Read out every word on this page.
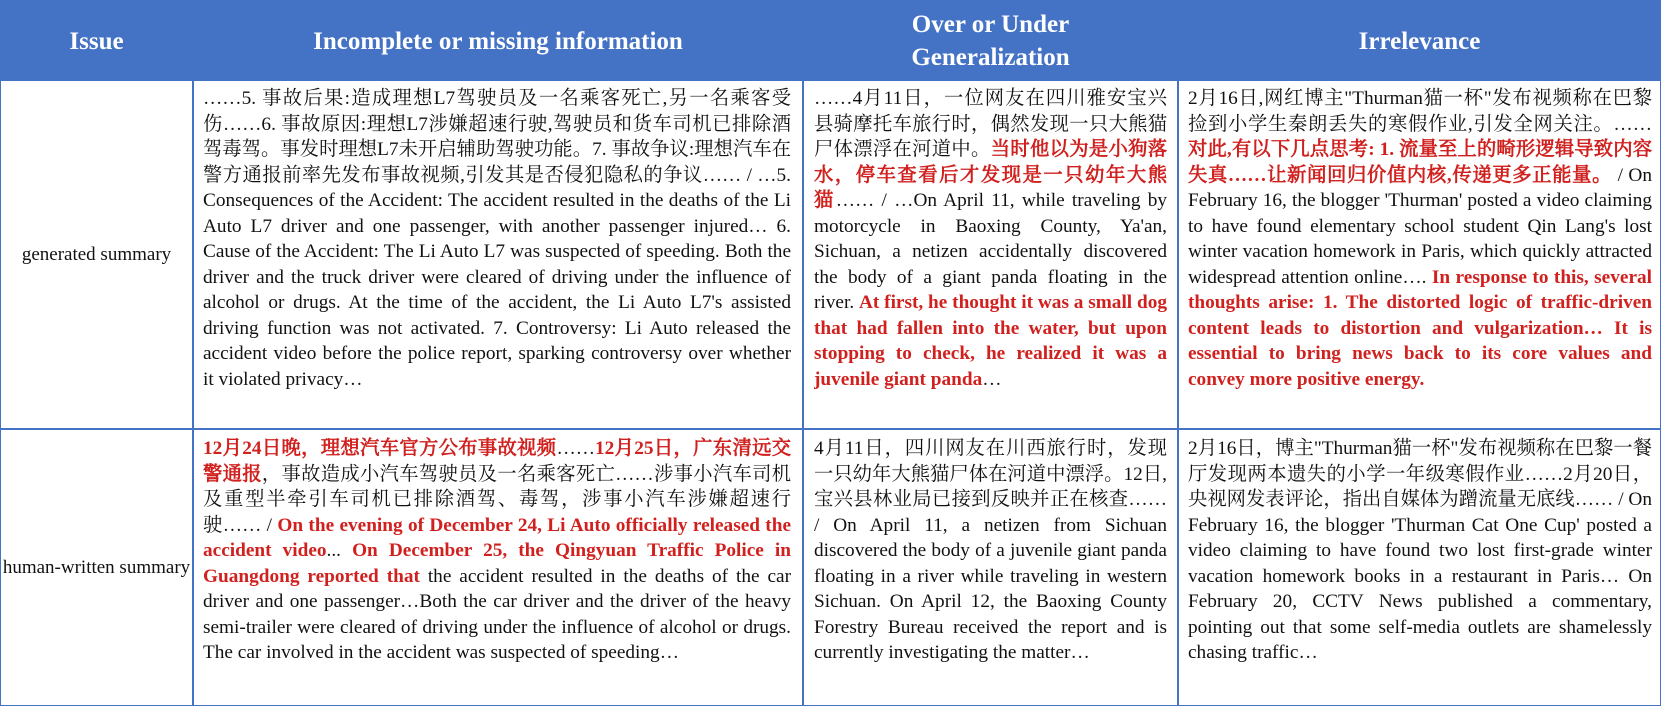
Issue	Incomplete or missing information
Over or Under Generalization
Irrelevance
generated summary
……5. 事故后果:造成理想L7驾驶员及一名乘客死亡,另一名乘客受伤……6. 事故原因:理想L7涉嫌超速行驶,驾驶员和货车司机已排除酒驾毒驾。事发时理想L7未开启辅助驾驶功能。7. 事故争议:理想汽车在警方通报前率先发布事故视频,引发其是否侵犯隐私的争议…… / …5. Consequences of the Accident: The accident resulted in the deaths of the Li Auto L7 driver and one passenger, with another passenger injured… 6. Cause of the Accident: The Li Auto L7 was suspected of speeding. Both the driver and the truck driver were cleared of driving under the influence of alcohol or drugs. At the time of the accident, the Li Auto L7's assisted driving function was not activated. 7. Controversy: Li Auto released the accident video before the police report, sparking controversy over whether it violated privacy…
……4月11日，一位网友在四川雅安宝兴县骑摩托车旅行时，偶然发现一只大熊猫尸体漂浮在河道中。当时他以为是小狗落水，停车查看后才发现是一只幼年大熊猫…… / …On April 11, while traveling by motorcycle in Baoxing County, Ya'an, Sichuan, a netizen accidentally discovered the body of a giant panda floating in the river. At first, he thought it was a small dog that had fallen into the water, but upon stopping to check, he realized it was a juvenile giant panda…
2月16日,网红博主"Thurman猫一杯"发布视频称在巴黎捡到小学生秦朗丢失的寒假作业,引发全网关注。……对此,有以下几点思考: 1. 流量至上的畸形逻辑导致内容失真……让新闻回归价值内核,传递更多正能量。 / On February 16, the blogger 'Thurman' posted a video claiming to have found elementary school student Qin Lang's lost winter vacation homework in Paris, which quickly attracted widespread attention online…. In response to this, several thoughts arise: 1. The distorted logic of traffic-driven content leads to distortion and vulgarization… It is essential to bring news back to its core values and convey more positive energy.
human-written summary
12月24日晚，理想汽车官方公布事故视频……12月25日，广东清远交警通报，事故造成小汽车驾驶员及一名乘客死亡……涉事小汽车司机及重型半牵引车司机已排除酒驾、毒驾，涉事小汽车涉嫌超速行驶…… / On the evening of December 24, Li Auto officially released the accident video... On December 25, the Qingyuan Traffic Police in Guangdong reported that the accident resulted in the deaths of the car driver and one passenger…Both the car driver and the driver of the heavy semi-trailer were cleared of driving under the influence of alcohol or drugs. The car involved in the accident was suspected of speeding…
4月11日，四川网友在川西旅行时，发现一只幼年大熊猫尸体在河道中漂浮。12日,宝兴县林业局已接到反映并正在核查…… / On April 11, a netizen from Sichuan discovered the body of a juvenile giant panda floating in a river while traveling in western Sichuan. On April 12, the Baoxing County Forestry Bureau received the report and is currently investigating the matter…
2月16日，博主"Thurman猫一杯"发布视频称在巴黎一餐厅发现两本遗失的小学一年级寒假作业……2月20日，央视网发表评论，指出自媒体为蹭流量无底线…… / On February 16, the blogger 'Thurman Cat One Cup' posted a video claiming to have found two lost first-grade winter vacation homework books in a restaurant in Paris… On February 20, CCTV News published a commentary, pointing out that some self-media outlets are shamelessly chasing traffic…
